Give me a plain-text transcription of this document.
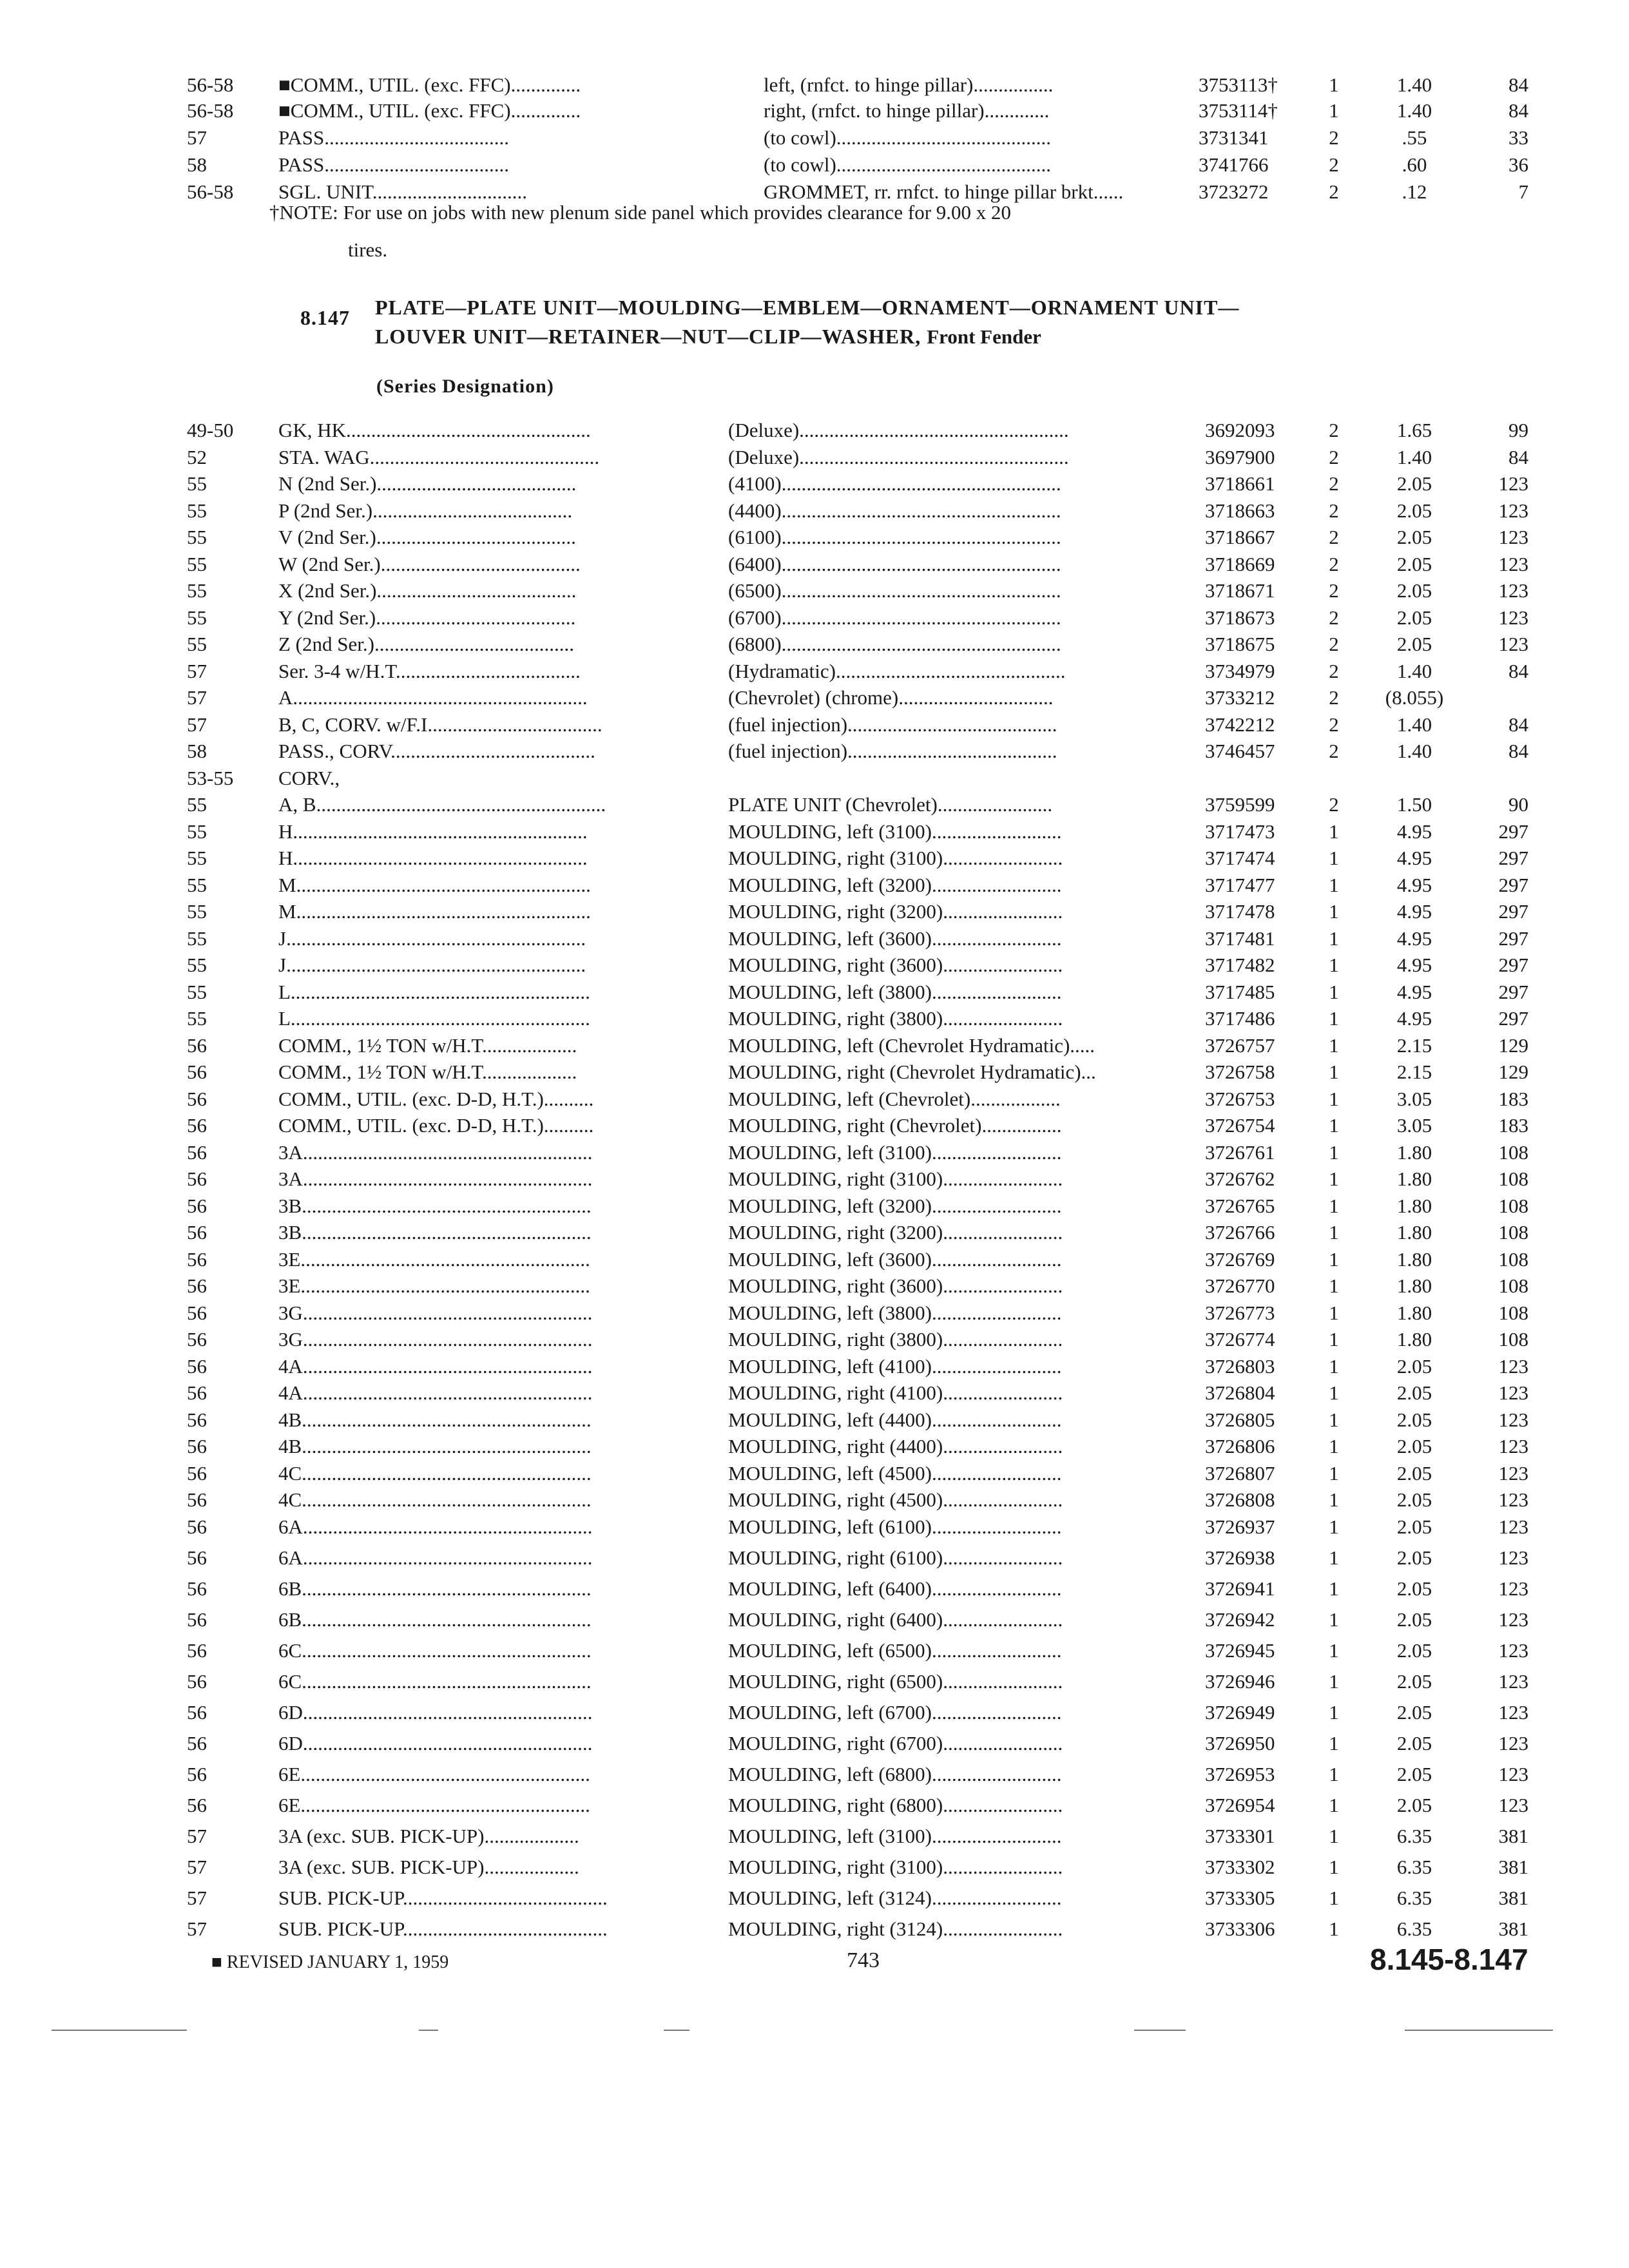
56-58	■COMM., UTIL. (exc. FFC)..............	left, (rnfct. to hinge pillar)................	3753113†	1	1.40	84
56-58	■COMM., UTIL. (exc. FFC)..............	right, (rnfct. to hinge pillar).............	3753114†	1	1.40	84
57	PASS.....................................	(to cowl)...........................................	3731341	2	.55	33
58	PASS.....................................	(to cowl)...........................................	3741766	2	.60	36
56-58	SGL. UNIT...............................	GROMMET, rr. rnfct. to hinge pillar brkt......	3723272	2	.12	7
†NOTE: For use on jobs with new plenum side panel which provides clearance for 9.00 x 20
tires.
8.147 PLATE—PLATE UNIT—MOULDING—EMBLEM—ORNAMENT—ORNAMENT UNIT—
LOUVER UNIT—RETAINER—NUT—CLIP—WASHER, Front Fender
(Series Designation)
49-50	GK, HK.................................................	(Deluxe)......................................................	3692093	2	1.65	99
52	STA. WAG..............................................	(Deluxe)......................................................	3697900	2	1.40	84
55	N (2nd Ser.)........................................	(4100)........................................................	3718661	2	2.05	123
55	P (2nd Ser.)........................................	(4400)........................................................	3718663	2	2.05	123
55	V (2nd Ser.)........................................	(6100)........................................................	3718667	2	2.05	123
55	W (2nd Ser.)........................................	(6400)........................................................	3718669	2	2.05	123
55	X (2nd Ser.)........................................	(6500)........................................................	3718671	2	2.05	123
55	Y (2nd Ser.)........................................	(6700)........................................................	3718673	2	2.05	123
55	Z (2nd Ser.)........................................	(6800)........................................................	3718675	2	2.05	123
57	Ser. 3-4 w/H.T.....................................	(Hydramatic)..............................................	3734979	2	1.40	84
57	A...........................................................	(Chevrolet) (chrome)...............................	3733212	2	(8.055)
57	B, C, CORV. w/F.I...................................	(fuel injection)..........................................	3742212	2	1.40	84
58	PASS., CORV.........................................	(fuel injection)..........................................	3746457	2	1.40	84
53-55	CORV.,
55	A, B..........................................................	PLATE UNIT (Chevrolet).......................	3759599	2	1.50	90
55	H...........................................................	MOULDING, left (3100)..........................	3717473	1	4.95	297
55	H...........................................................	MOULDING, right (3100)........................	3717474	1	4.95	297
55	M...........................................................	MOULDING, left (3200)..........................	3717477	1	4.95	297
55	M...........................................................	MOULDING, right (3200)........................	3717478	1	4.95	297
55	J............................................................	MOULDING, left (3600)..........................	3717481	1	4.95	297
55	J............................................................	MOULDING, right (3600)........................	3717482	1	4.95	297
55	L............................................................	MOULDING, left (3800)..........................	3717485	1	4.95	297
55	L............................................................	MOULDING, right (3800)........................	3717486	1	4.95	297
56	COMM., 1½ TON w/H.T...................	MOULDING, left (Chevrolet Hydramatic).....	3726757	1	2.15	129
56	COMM., 1½ TON w/H.T...................	MOULDING, right (Chevrolet Hydramatic)...	3726758	1	2.15	129
56	COMM., UTIL. (exc. D-D, H.T.)..........	MOULDING, left (Chevrolet)..................	3726753	1	3.05	183
56	COMM., UTIL. (exc. D-D, H.T.)..........	MOULDING, right (Chevrolet)................	3726754	1	3.05	183
56	3A..........................................................	MOULDING, left (3100)..........................	3726761	1	1.80	108
56	3A..........................................................	MOULDING, right (3100)........................	3726762	1	1.80	108
56	3B..........................................................	MOULDING, left (3200)..........................	3726765	1	1.80	108
56	3B..........................................................	MOULDING, right (3200)........................	3726766	1	1.80	108
56	3E..........................................................	MOULDING, left (3600)..........................	3726769	1	1.80	108
56	3E..........................................................	MOULDING, right (3600)........................	3726770	1	1.80	108
56	3G..........................................................	MOULDING, left (3800)..........................	3726773	1	1.80	108
56	3G..........................................................	MOULDING, right (3800)........................	3726774	1	1.80	108
56	4A..........................................................	MOULDING, left (4100)..........................	3726803	1	2.05	123
56	4A..........................................................	MOULDING, right (4100)........................	3726804	1	2.05	123
56	4B..........................................................	MOULDING, left (4400)..........................	3726805	1	2.05	123
56	4B..........................................................	MOULDING, right (4400)........................	3726806	1	2.05	123
56	4C..........................................................	MOULDING, left (4500)..........................	3726807	1	2.05	123
56	4C..........................................................	MOULDING, right (4500)........................	3726808	1	2.05	123
56	6A..........................................................	MOULDING, left (6100)..........................	3726937	1	2.05	123
56	6A..........................................................	MOULDING, right (6100)........................	3726938	1	2.05	123
56	6B..........................................................	MOULDING, left (6400)..........................	3726941	1	2.05	123
56	6B..........................................................	MOULDING, right (6400)........................	3726942	1	2.05	123
56	6C..........................................................	MOULDING, left (6500)..........................	3726945	1	2.05	123
56	6C..........................................................	MOULDING, right (6500)........................	3726946	1	2.05	123
56	6D..........................................................	MOULDING, left (6700)..........................	3726949	1	2.05	123
56	6D..........................................................	MOULDING, right (6700)........................	3726950	1	2.05	123
56	6E..........................................................	MOULDING, left (6800)..........................	3726953	1	2.05	123
56	6E..........................................................	MOULDING, right (6800)........................	3726954	1	2.05	123
57	3A (exc. SUB. PICK-UP)...................	MOULDING, left (3100)..........................	3733301	1	6.35	381
57	3A (exc. SUB. PICK-UP)...................	MOULDING, right (3100)........................	3733302	1	6.35	381
57	SUB. PICK-UP.........................................	MOULDING, left (3124)..........................	3733305	1	6.35	381
57	SUB. PICK-UP.........................................	MOULDING, right (3124)........................	3733306	1	6.35	381
■ REVISED JANUARY 1, 1959	743	8.145-8.147
